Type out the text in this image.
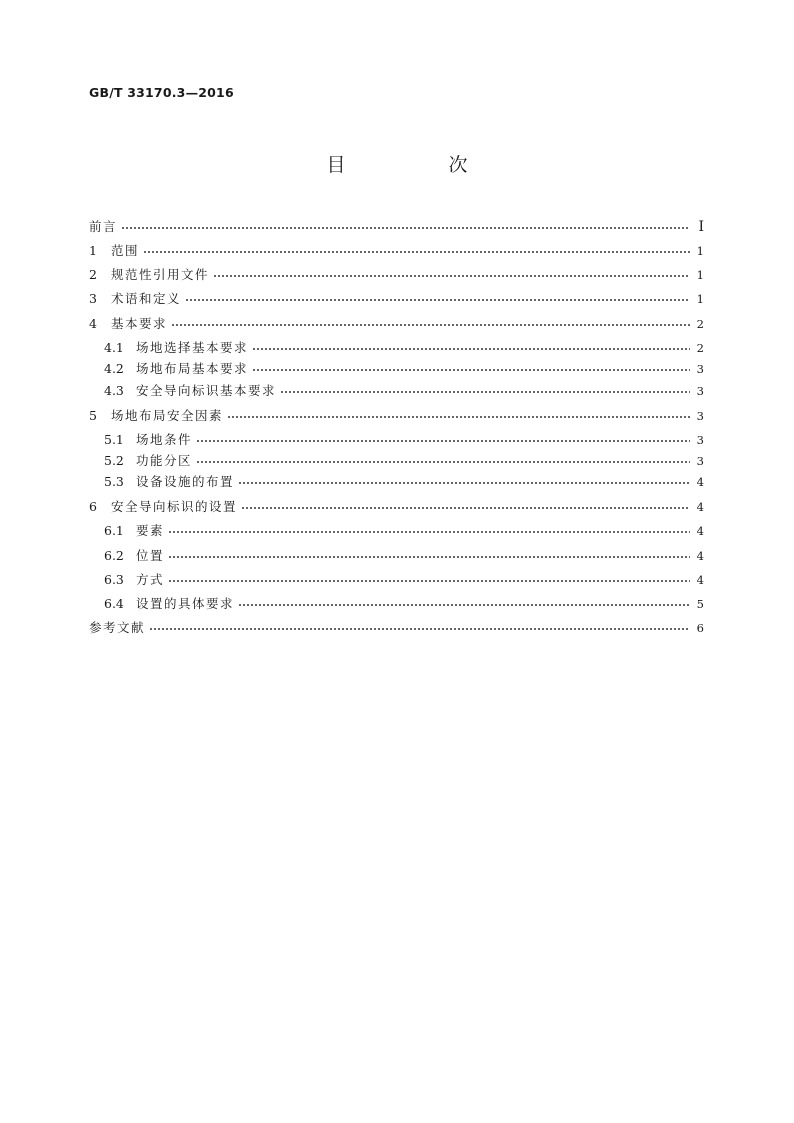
GB/T 33170.3—2016
目　次
前言	Ⅰ
1	范围	1
2	规范性引用文件	1
3	术语和定义	1
4	基本要求	2
4.1 场地选择基本要求	2
4.2 场地布局基本要求	3
4.3 安全导向标识基本要求	3
5	场地布局安全因素	3
5.1 场地条件	3
5.2 功能分区	3
5.3 设备设施的布置	4
6	安全导向标识的设置	4
6.1 要素	4
6.2 位置	4
6.3 方式	4
6.4 设置的具体要求	5
参考文献	6
